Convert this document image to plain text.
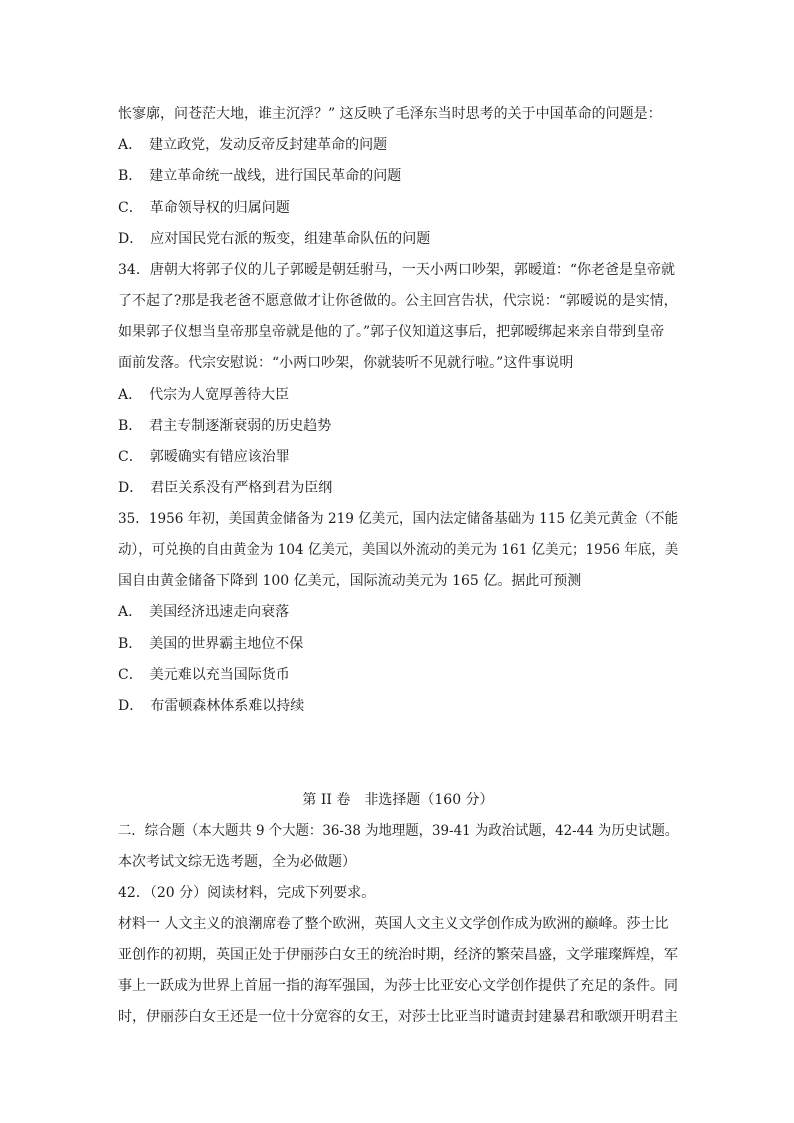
怅寥廓，问苍茫大地，谁主沉浮？” 这反映了毛泽东当时思考的关于中国革命的问题是：
A．　建立政党，发动反帝反封建革命的问题
B．　建立革命统一战线，进行国民革命的问题
C．　革命领导权的归属问题
D．　应对国民党右派的叛变，组建革命队伍的问题
34．唐朝大将郭子仪的儿子郭暧是朝廷驸马，一天小两口吵架，郭暧道：“你老爸是皇帝就
了不起了?那是我老爸不愿意做才让你爸做的。公主回宫告状，代宗说：“郭暧说的是实情，
如果郭子仪想当皇帝那皇帝就是他的了。”郭子仪知道这事后，把郭暧绑起来亲自带到皇帝
面前发落。代宗安慰说：“小两口吵架，你就装听不见就行啦。”这件事说明
A．　代宗为人宽厚善待大臣
B．　君主专制逐渐衰弱的历史趋势
C．　郭暧确实有错应该治罪
D．　君臣关系没有严格到君为臣纲
35．1956 年初，美国黄金储备为 219 亿美元，国内法定储备基础为 115 亿美元黄金（不能
动），可兑换的自由黄金为 104 亿美元，美国以外流动的美元为 161 亿美元；1956 年底，美
国自由黄金储备下降到 100 亿美元，国际流动美元为 165 亿。据此可预测
A．　美国经济迅速走向衰落
B．　美国的世界霸主地位不保
C．　美元难以充当国际货币
D．　布雷顿森林体系难以持续
第 II 卷　非选择题（160 分）
二．综合题（本大题共 9 个大题：36-38 为地理题，39-41 为政治试题，42-44 为历史试题。
本次考试文综无选考题，全为必做题）
42．（20 分）阅读材料，完成下列要求。
材料一 人文主义的浪潮席卷了整个欧洲，英国人文主义文学创作成为欧洲的巅峰。莎士比
亚创作的初期，英国正处于伊丽莎白女王的统治时期，经济的繁荣昌盛，文学璀璨辉煌，军
事上一跃成为世界上首屈一指的海军强国，为莎士比亚安心文学创作提供了充足的条件。同
时，伊丽莎白女王还是一位十分宽容的女王，对莎士比亚当时谴责封建暴君和歌颂开明君主
